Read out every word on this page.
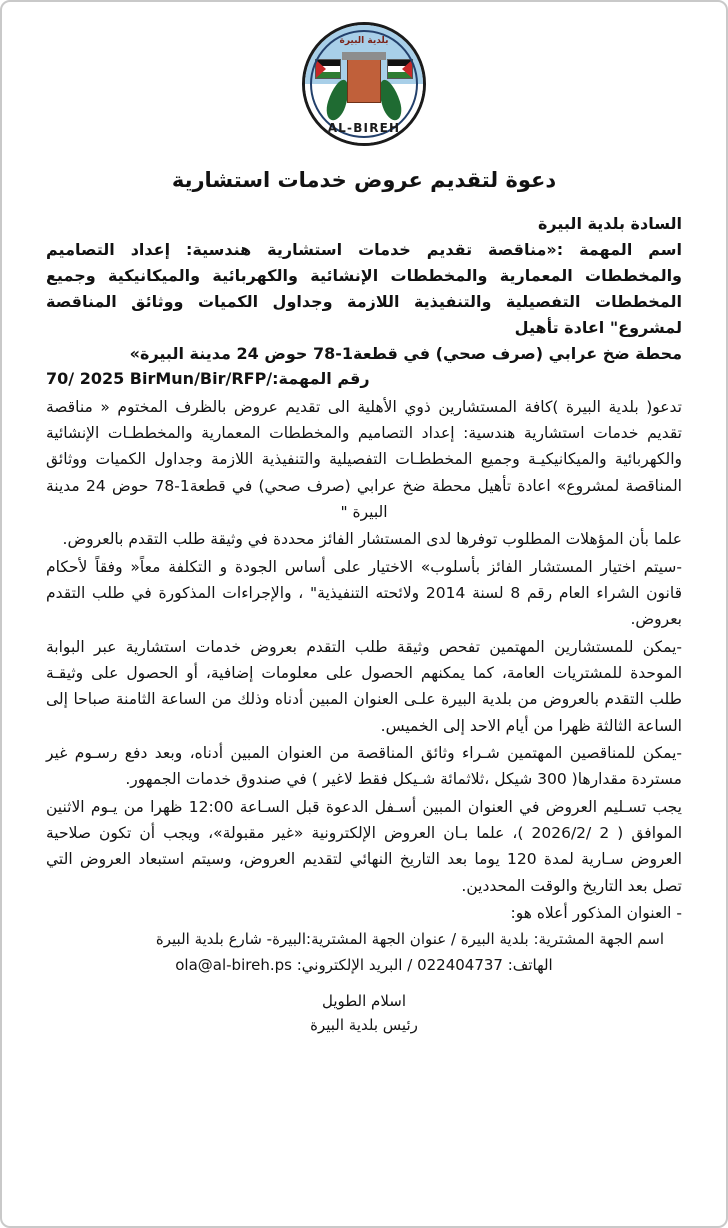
بلدية البيرة
AL-BIREH
دعوة لتقديم عروض خدمات استشارية
السادة بلدية البيرة
اسم المهمة :«مناقصة تقديم خدمات استشارية هندسية: إعداد التصاميم والمخططات المعمارية والمخططات الإنشائية والكهربائية والميكانيكية وجميع المخططات التفصيلية والتنفيذية اللازمة وجداول الكميات ووثائق المناقصة لمشروع" اعادة تأهيل
محطة ضخ عرابي (صرف صحي) في قطعة1-78 حوض 24 مدينة البيرة»
رقم المهمة:70/ 2025 BirMun/Bir/RFP/

تدعو( بلدية البيرة )كافة المستشارين ذوي الأهلية الى تقديم عروض بالظرف المختوم « مناقصة تقديم خدمات استشارية هندسية: إعداد التصاميم والمخططات المعمارية والمخططـات الإنشائية والكهربائية والميكانيكيـة وجميع المخططـات التفصيلية والتنفيذية اللازمة وجداول الكميات ووثائق المناقصة لمشروع» اعادة تأهيل محطة ضخ عرابي (صرف صحي) في قطعة1-78 حوض 24 مدينة البيرة "

علما بأن المؤهلات المطلوب توفرها لدى المستشار الفائز محددة في وثيقة طلب التقدم بالعروض.

-سيتم اختيار المستشار الفائز بأسلوب» الاختيار على أساس الجودة و التكلفة معاً« وفقاً لأحكام قانون الشراء العام رقم 8 لسنة 2014 ولائحته التنفيذية" ، والإجراءات المذكورة في طلب التقدم بعروض.

-يمكن للمستشارين المهتمين تفحص وثيقة طلب التقدم بعروض خدمات استشارية عبر البوابة الموحدة للمشتريات العامة، كما يمكنهم الحصول على معلومات إضافية، أو الحصول على وثيقـة طلب التقدم بالعروض من بلدية البيرة علـى العنوان المبين أدناه وذلك من الساعة الثامنة صباحا إلى الساعة الثالثة ظهرا من أيام الاحد إلى الخميس.

-يمكن للمناقصين المهتمين شـراء وثائق المناقصة من العنوان المبين أدناه، وبعد دفع رسـوم غير مستردة مقدارها( 300 شيكل ،ثلاثمائة شـيكل فقط لاغير ) في صندوق خدمات الجمهور.

يجب تسـليم العروض في العنوان المبين أسـفل الدعوة قبل السـاعة 12:00 ظهرا من يـوم الاثنين الموافق ( 2 /2026/2 )، علما بـان العروض الإلكترونية «غير مقبولة»، ويجب أن تكون صلاحية العروض سـارية لمدة 120 يوما بعد التاريخ النهائي لتقديم العروض، وسيتم استبعاد العروض التي تصل بعد التاريخ والوقت المحددين.

- العنوان المذكور أعلاه هو:

اسم الجهة المشترية: بلدية البيرة / عنوان الجهة المشترية:البيرة- شارع بلدية البيرة
الهاتف: 022404737 / البريد الإلكتروني: ola@al-bireh.ps
اسلام الطويل
رئيس بلدية البيرة
